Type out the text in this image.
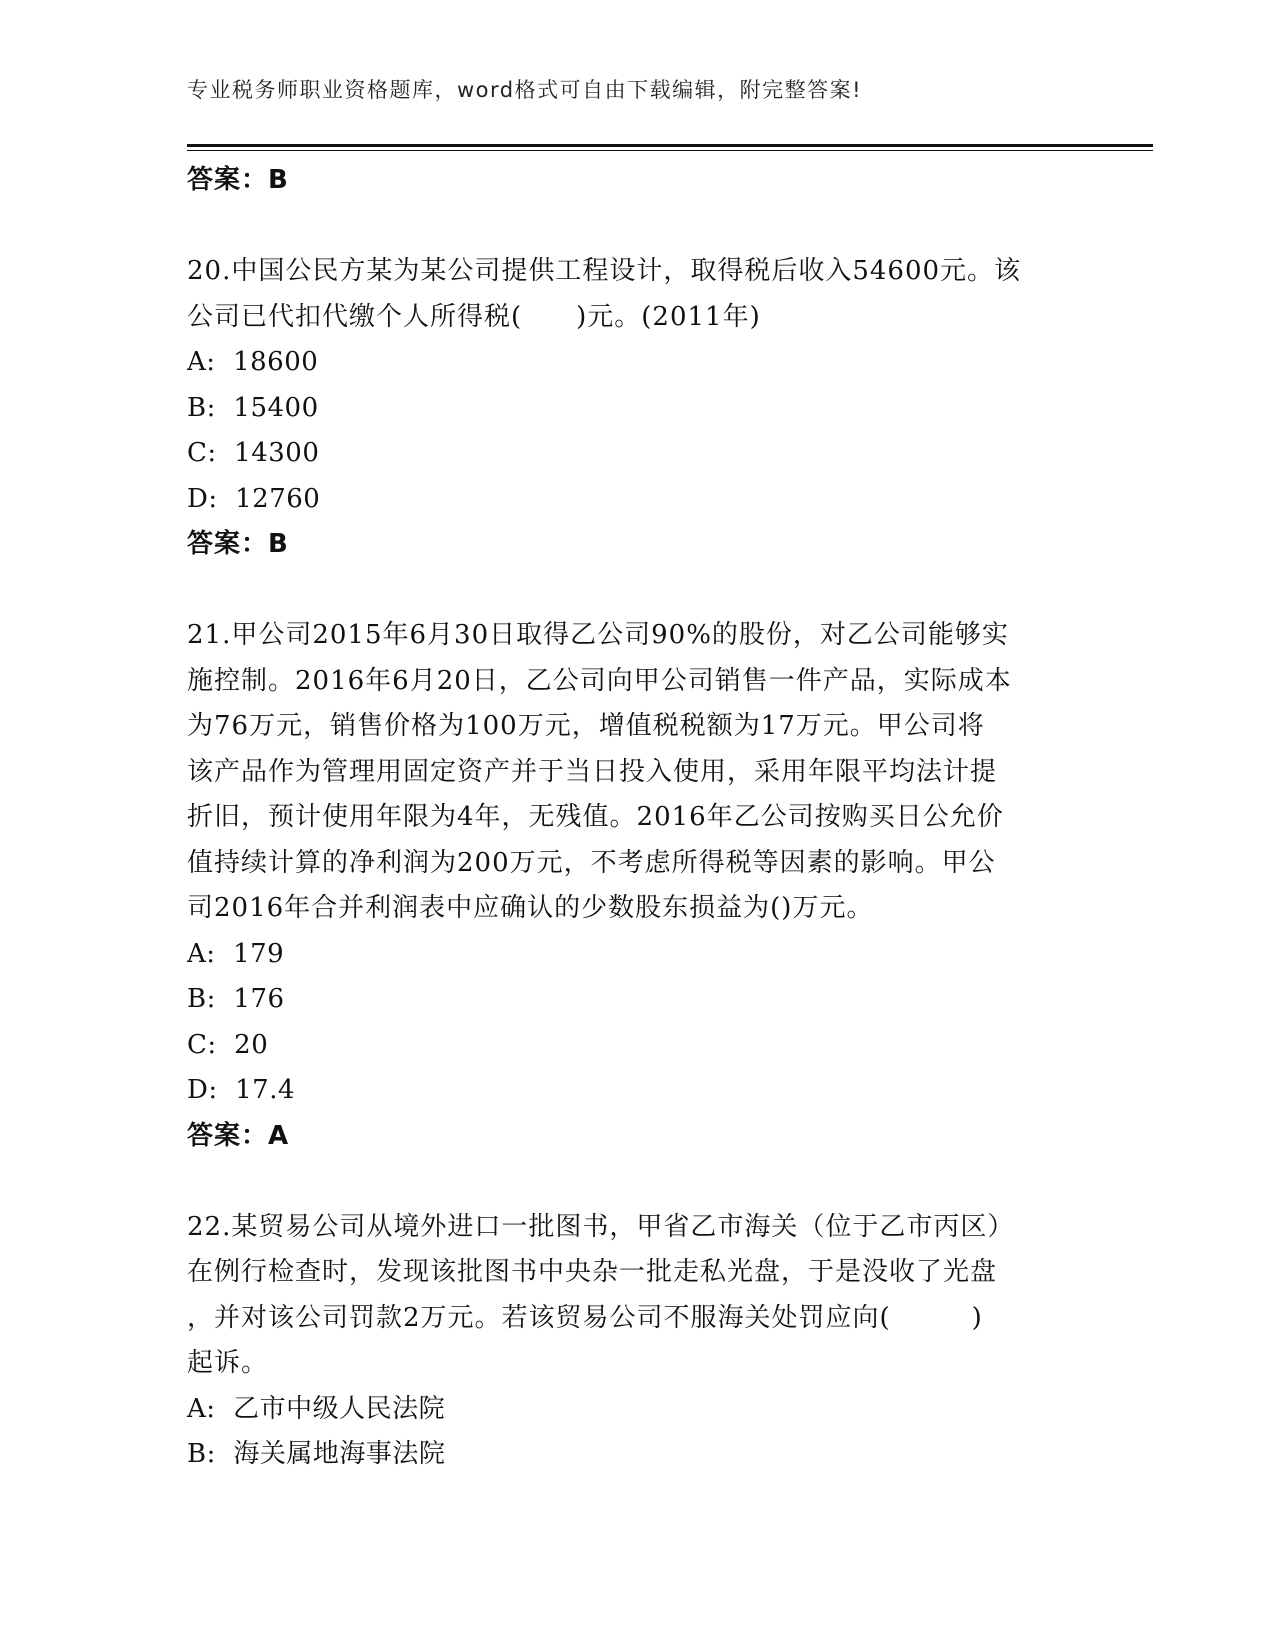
专业税务师职业资格题库，word格式可自由下载编辑，附完整答案!
答案：B
20.中国公民方某为某公司提供工程设计，取得税后收入54600元。该
公司已代扣代缴个人所得税(　　)元。(2011年)
A:  18600
B:  15400
C:  14300
D:  12760
答案：B
21.甲公司2015年6月30日取得乙公司90%的股份，对乙公司能够实
施控制。2016年6月20日，乙公司向甲公司销售一件产品，实际成本
为76万元，销售价格为100万元，增值税税额为17万元。甲公司将
该产品作为管理用固定资产并于当日投入使用，采用年限平均法计提
折旧，预计使用年限为4年，无残值。2016年乙公司按购买日公允价
值持续计算的净利润为200万元，不考虑所得税等因素的影响。甲公
司2016年合并利润表中应确认的少数股东损益为()万元。
A:  179
B:  176
C:  20
D:  17.4
答案：A
22.某贸易公司从境外进口一批图书，甲省乙市海关（位于乙市丙区）
在例行检查时，发现该批图书中央杂一批走私光盘，于是没收了光盘
，并对该公司罚款2万元。若该贸易公司不服海关处罚应向(　　　)
起诉。
A:  乙市中级人民法院
B:  海关属地海事法院
